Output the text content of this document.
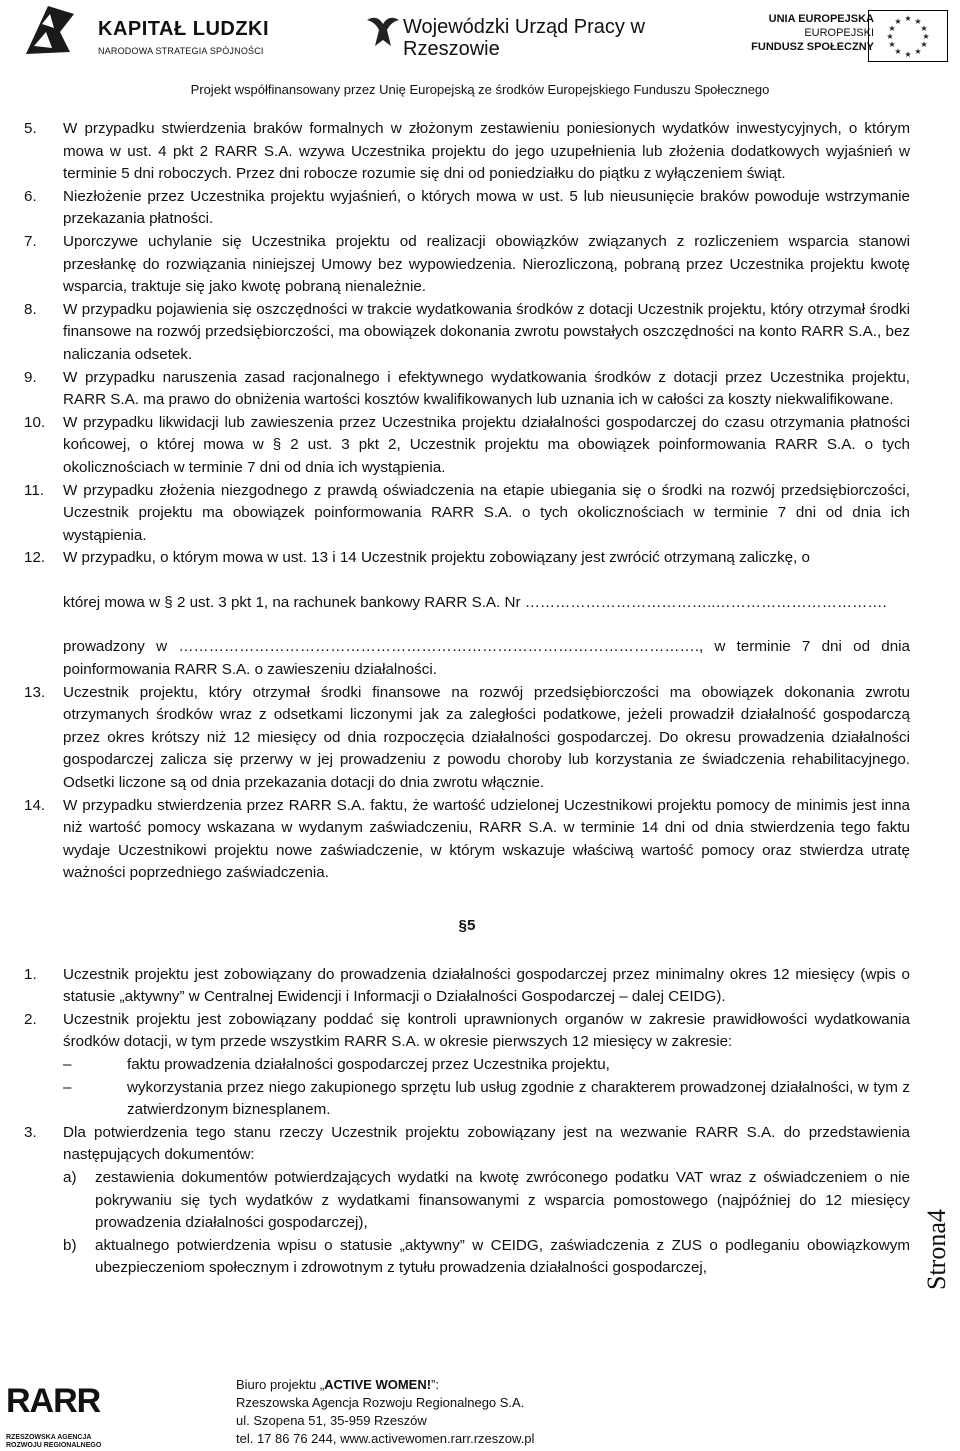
KAPITAŁ LUDZKI
NARODOWA STRATEGIA SPÓJNOŚCI
Wojewódzki Urząd Pracy w Rzeszowie
UNIA EUROPEJSKA
EUROPEJSKI
FUNDUSZ SPOŁECZNY
★ ★
★
★
★
★
★
★
★
★
★
★
Projekt współfinansowany przez Unię Europejską ze środków Europejskiego Funduszu Społecznego
5.	W przypadku stwierdzenia braków formalnych w złożonym zestawieniu poniesionych wydatków inwestycyjnych, o którym mowa w ust. 4 pkt 2 RARR S.A. wzywa Uczestnika projektu do jego uzupełnienia lub złożenia dodatkowych wyjaśnień w terminie 5 dni roboczych. Przez dni robocze rozumie się dni od poniedziałku do piątku z wyłączeniem świąt.
6.	Niezłożenie przez Uczestnika projektu wyjaśnień, o których mowa w ust. 5 lub nieusunięcie braków powoduje wstrzymanie przekazania płatności.
7.	Uporczywe uchylanie się Uczestnika projektu od realizacji obowiązków związanych z rozliczeniem wsparcia stanowi przesłankę do rozwiązania niniejszej Umowy bez wypowiedzenia. Nierozliczoną, pobraną przez Uczestnika projektu kwotę wsparcia, traktuje się jako kwotę pobraną nienależnie.
8.	W przypadku pojawienia się oszczędności w trakcie wydatkowania środków z dotacji Uczestnik projektu, który otrzymał środki finansowe na rozwój przedsiębiorczości, ma obowiązek dokonania zwrotu powstałych oszczędności na konto RARR S.A., bez naliczania odsetek.
9.	W przypadku naruszenia zasad racjonalnego i efektywnego wydatkowania środków z dotacji przez Uczestnika projektu, RARR S.A. ma prawo do obniżenia wartości kosztów kwalifikowanych lub uznania ich w całości za koszty niekwalifikowane.
10.	W przypadku likwidacji lub zawieszenia przez Uczestnika projektu działalności gospodarczej do czasu otrzymania płatności końcowej, o której mowa w § 2 ust. 3 pkt 2, Uczestnik projektu ma obowiązek poinformowania RARR S.A. o tych okolicznościach w terminie 7 dni od dnia ich wystąpienia.
11.	W przypadku złożenia niezgodnego z prawdą oświadczenia na etapie ubiegania się o środki na rozwój przedsiębiorczości, Uczestnik projektu ma obowiązek poinformowania RARR S.A. o tych okolicznościach w terminie 7 dni od dnia ich wystąpienia.
12.	W przypadku, o którym mowa w ust. 13 i 14 Uczestnik projektu zobowiązany jest zwrócić otrzymaną zaliczkę, o
której mowa w § 2 ust. 3 pkt 1, na rachunek bankowy RARR S.A. Nr ………………………………..…………………………….
prowadzony w …………………………………………………………………………………………., w terminie 7 dni od dnia poinformowania RARR S.A. o zawieszeniu działalności.
13.	Uczestnik projektu, który otrzymał środki finansowe na rozwój przedsiębiorczości ma obowiązek dokonania zwrotu otrzymanych środków wraz z odsetkami liczonymi jak za zaległości podatkowe, jeżeli prowadził działalność gospodarczą przez okres krótszy niż 12 miesięcy od dnia rozpoczęcia działalności gospodarczej. Do okresu prowadzenia działalności gospodarczej zalicza się przerwy w jej prowadzeniu z powodu choroby lub korzystania ze świadczenia rehabilitacyjnego. Odsetki liczone są od dnia przekazania dotacji do dnia zwrotu włącznie.
14.	W przypadku stwierdzenia przez RARR S.A. faktu, że wartość udzielonej Uczestnikowi projektu pomocy de minimis jest inna niż wartość pomocy wskazana w wydanym zaświadczeniu, RARR S.A. w terminie 14 dni od dnia stwierdzenia tego faktu wydaje Uczestnikowi projektu nowe zaświadczenie, w którym wskazuje właściwą wartość pomocy oraz stwierdza utratę ważności poprzedniego zaświadczenia.
§5
1.	Uczestnik projektu jest zobowiązany do prowadzenia działalności gospodarczej przez minimalny okres 12 miesięcy (wpis o statusie „aktywny” w Centralnej Ewidencji i Informacji o Działalności Gospodarczej – dalej CEIDG).
2.	Uczestnik projektu jest zobowiązany poddać się kontroli uprawnionych organów w zakresie prawidłowości wydatkowania środków dotacji, w tym przede wszystkim RARR S.A. w okresie pierwszych 12 miesięcy w zakresie:
–	faktu prowadzenia działalności gospodarczej przez Uczestnika projektu,
–	wykorzystania przez niego zakupionego sprzętu lub usług zgodnie z charakterem prowadzonej działalności, w tym z zatwierdzonym biznesplanem.
3.	Dla potwierdzenia tego stanu rzeczy Uczestnik projektu zobowiązany jest na wezwanie RARR S.A. do przedstawienia następujących dokumentów:
a)	zestawienia dokumentów potwierdzających wydatki na kwotę zwróconego podatku VAT wraz z oświadczeniem o nie pokrywaniu się tych wydatków z wydatkami finansowanymi z wsparcia pomostowego (najpóźniej do 12 miesięcy prowadzenia działalności gospodarczej),
b)	aktualnego potwierdzenia wpisu o statusie „aktywny” w CEIDG, zaświadczenia z ZUS o podleganiu obowiązkowym ubezpieczeniom społecznym i zdrowotnym z tytułu prowadzenia działalności gospodarczej,	Strona4
RARR
RZESZOWSKA AGENCJA
ROZWOJU REGIONALNEGO
Biuro projektu „ACTIVE WOMEN!”:
Rzeszowska Agencja Rozwoju Regionalnego S.A.
ul. Szopena 51, 35-959 Rzeszów
tel. 17 86 76 244, www.activewomen.rarr.rzeszow.pl
